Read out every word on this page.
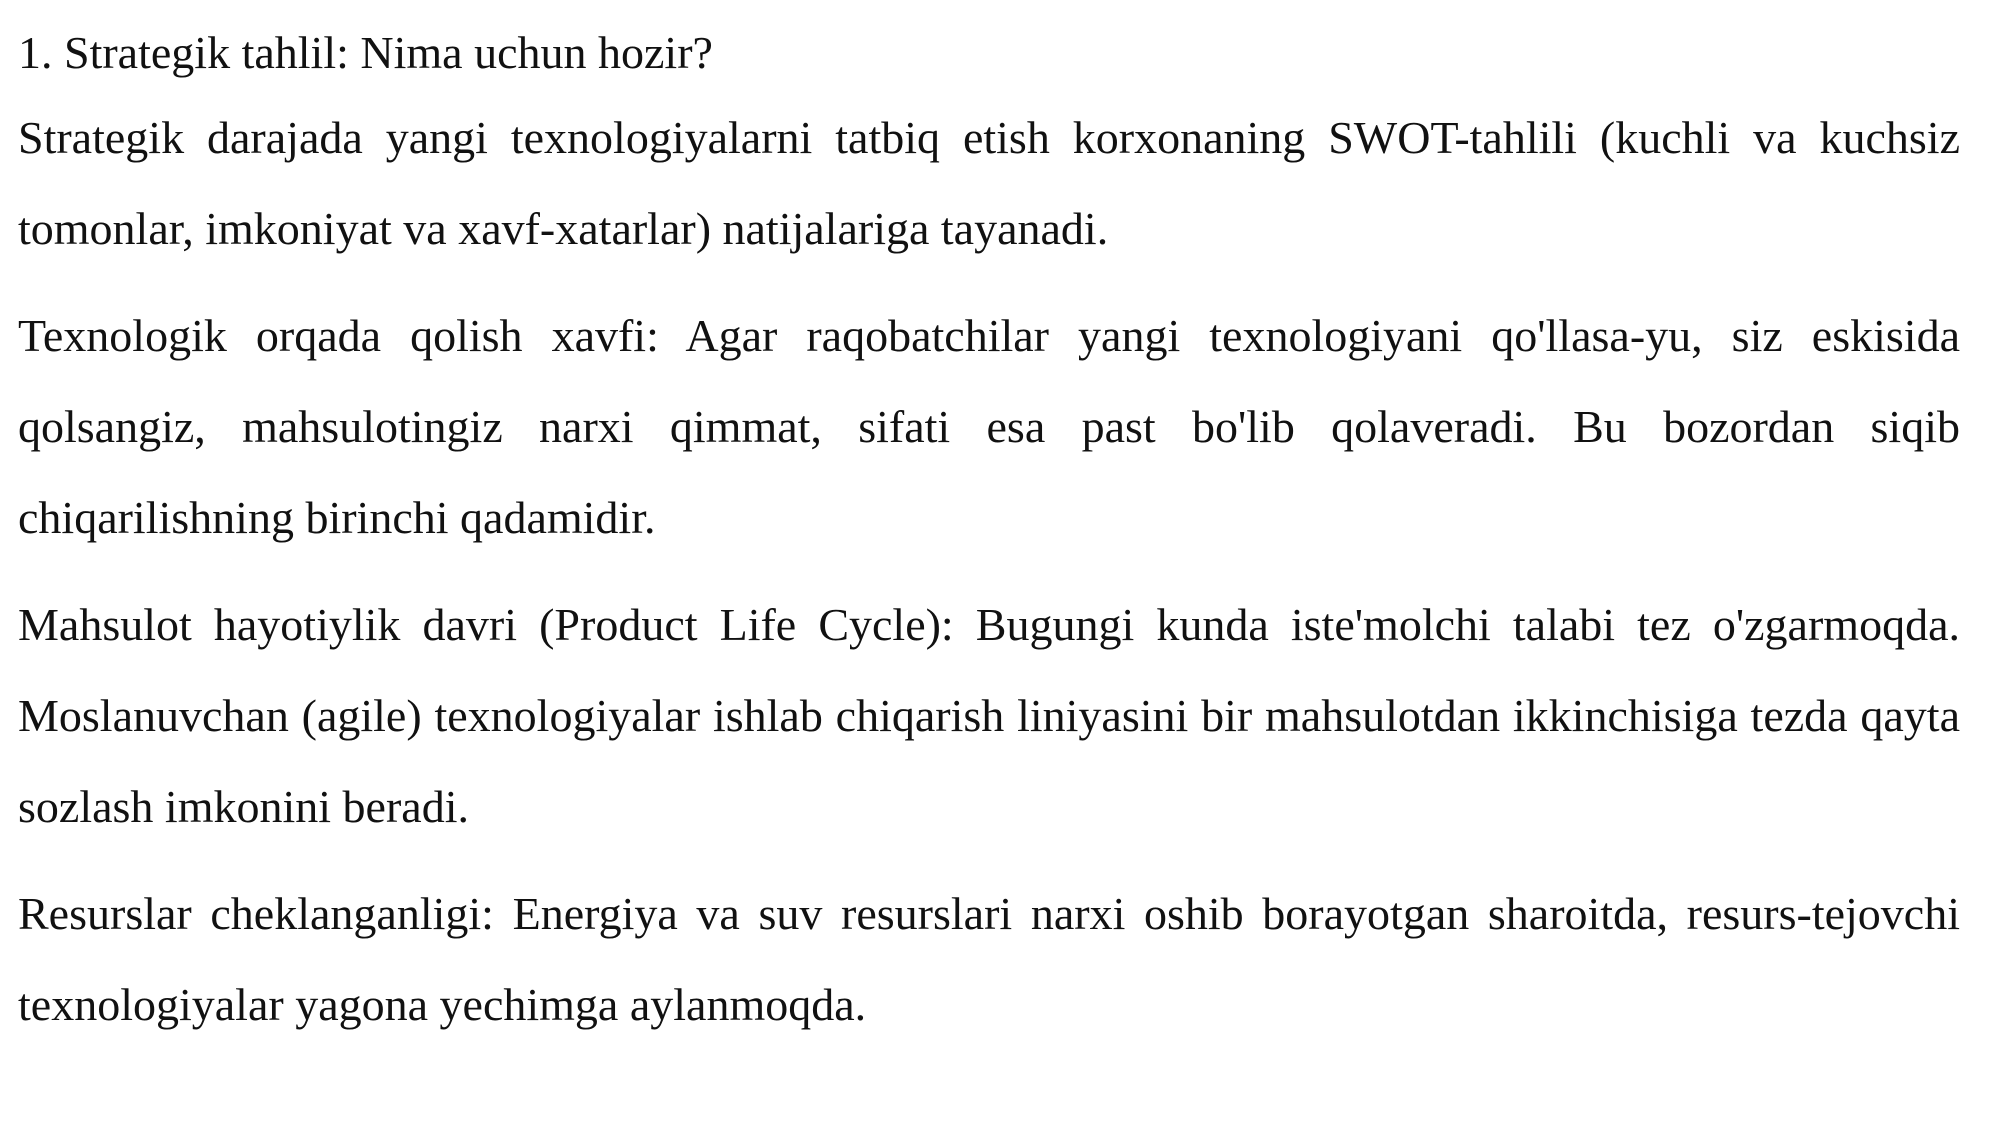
1. Strategik tahlil: Nima uchun hozir?

Strategik darajada yangi texnologiyalarni tatbiq etish korxonaning SWOT-tahlili (kuchli va kuchsiz tomonlar, imkoniyat va xavf-xatarlar) natijalariga tayanadi.

Texnologik orqada qolish xavfi: Agar raqobatchilar yangi texnologiyani qo'llasa-yu, siz eskisida qolsangiz, mahsulotingiz narxi qimmat, sifati esa past bo'lib qolaveradi. Bu bozordan siqib chiqarilishning birinchi qadamidir.

Mahsulot hayotiylik davri (Product Life Cycle): Bugungi kunda iste'molchi talabi tez o'zgarmoqda. Moslanuvchan (agile) texnologiyalar ishlab chiqarish liniyasini bir mahsulotdan ikkinchisiga tezda qayta sozlash imkonini beradi.

Resurslar cheklanganligi: Energiya va suv resurslari narxi oshib borayotgan sharoitda, resurs-tejovchi texnologiyalar yagona yechimga aylanmoqda.
